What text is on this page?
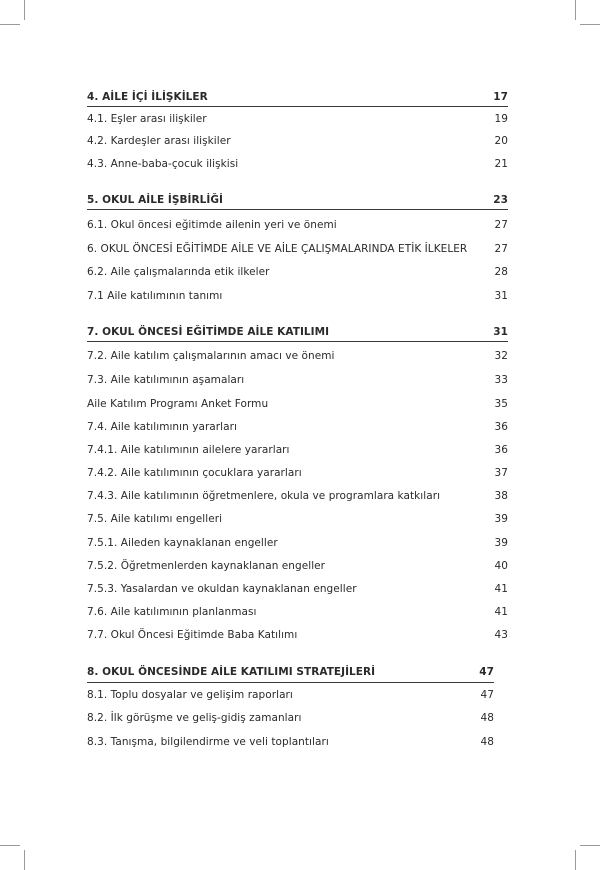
4. AİLE İÇİ İLİŞKİLER	17
4.1. Eşler arası ilişkiler	19
4.2. Kardeşler arası ilişkiler	20
4.3. Anne-baba-çocuk ilişkisi	21
5. OKUL AİLE İŞBİRLİĞİ	23
6.1. Okul öncesi eğitimde ailenin yeri ve önemi	27
6. OKUL ÖNCESİ EĞİTİMDE AİLE VE AİLE ÇALIŞMALARINDA ETİK İLKELER	27
6.2. Aile çalışmalarında etik ilkeler	28
7.1 Aile katılımının tanımı	31
7. OKUL ÖNCESİ EĞİTİMDE AİLE KATILIMI	31
7.2. Aile katılım çalışmalarının amacı ve önemi	32
7.3. Aile katılımının aşamaları	33
Aile Katılım Programı Anket Formu	35
7.4. Aile katılımının yararları	36
7.4.1. Aile katılımının ailelere yararları	36
7.4.2. Aile katılımının çocuklara yararları	37
7.4.3. Aile katılımının öğretmenlere, okula ve programlara katkıları	38
7.5. Aile katılımı engelleri	39
7.5.1. Aileden kaynaklanan engeller	39
7.5.2. Öğretmenlerden kaynaklanan engeller	40
7.5.3. Yasalardan ve okuldan kaynaklanan engeller	41
7.6. Aile katılımının planlanması	41
7.7. Okul Öncesi Eğitimde Baba Katılımı	43
8. OKUL ÖNCESİNDE AİLE KATILIMI STRATEJİLERİ	47
8.1. Toplu dosyalar ve gelişim raporları	47
8.2. İlk görüşme ve geliş-gidiş zamanları	48
8.3. Tanışma, bilgilendirme ve veli toplantıları	48
